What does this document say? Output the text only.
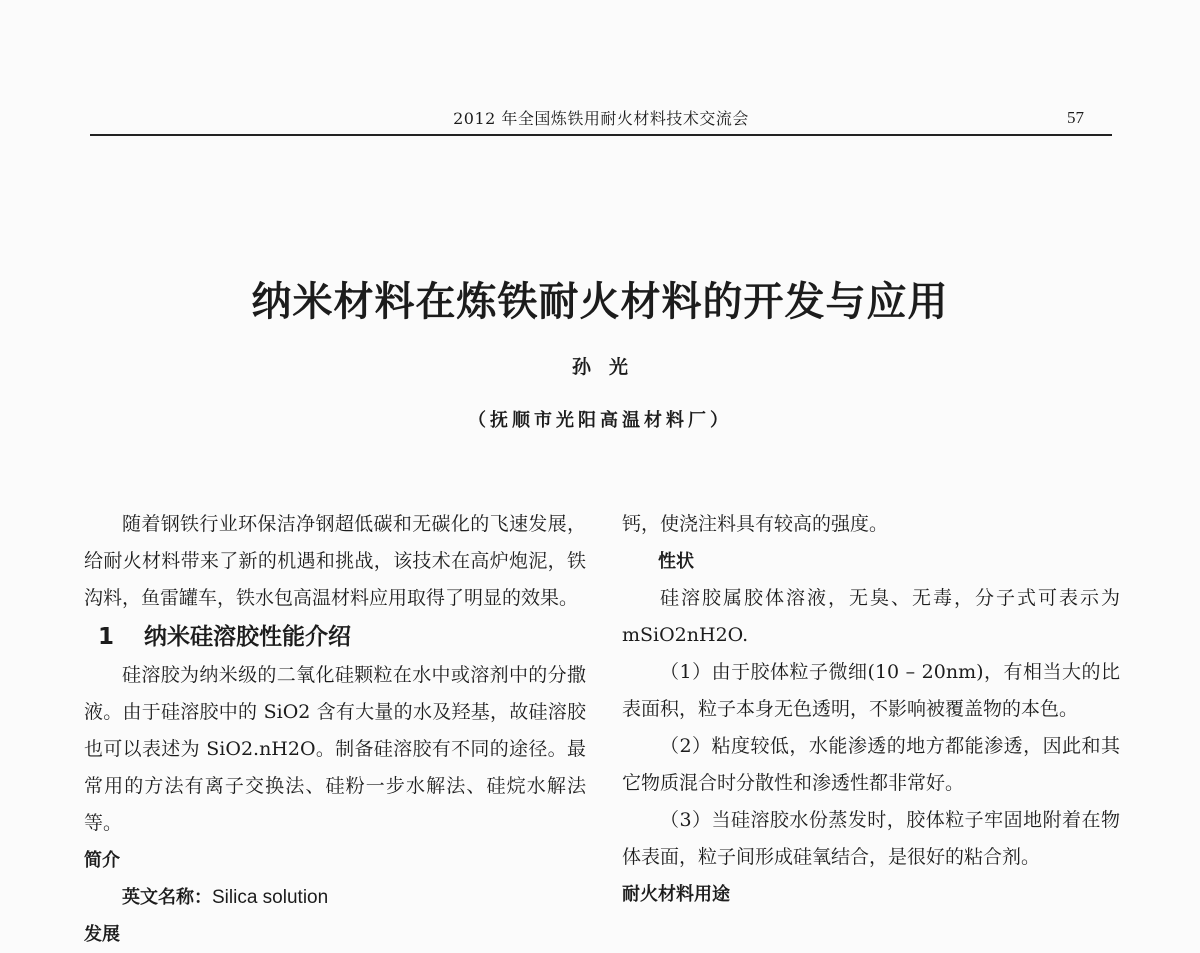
2012 年全国炼铁用耐火材料技术交流会	57
纳米材料在炼铁耐火材料的开发与应用
孙光
（抚顺市光阳高温材料厂）

随着钢铁行业环保洁净钢超低碳和无碳化的飞速发展，给耐火材料带来了新的机遇和挑战，该技术在高炉炮泥，铁沟料，鱼雷罐车，铁水包高温材料应用取得了明显的效果。

1 纳米硅溶胶性能介绍

硅溶胶为纳米级的二氧化硅颗粒在水中或溶剂中的分撒液。由于硅溶胶中的 SiO2 含有大量的水及羟基，故硅溶胶也可以表述为 SiO2.nH2O。制备硅溶胶有不同的途径。最常用的方法有离子交换法、硅粉一步水解法、硅烷水解法等。

简介
英文名称：Silica solution
发展

钙，使浇注料具有较高的强度。

性状

硅溶胶属胶体溶液，无臭、无毒，分子式可表示为 mSiO2nH2O.

（1）由于胶体粒子微细(10 – 20nm)，有相当大的比表面积，粒子本身无色透明，不影响被覆盖物的本色。

（2）粘度较低，水能渗透的地方都能渗透，因此和其它物质混合时分散性和渗透性都非常好。

（3）当硅溶胶水份蒸发时，胶体粒子牢固地附着在物体表面，粒子间形成硅氧结合，是很好的粘合剂。

耐火材料用途
